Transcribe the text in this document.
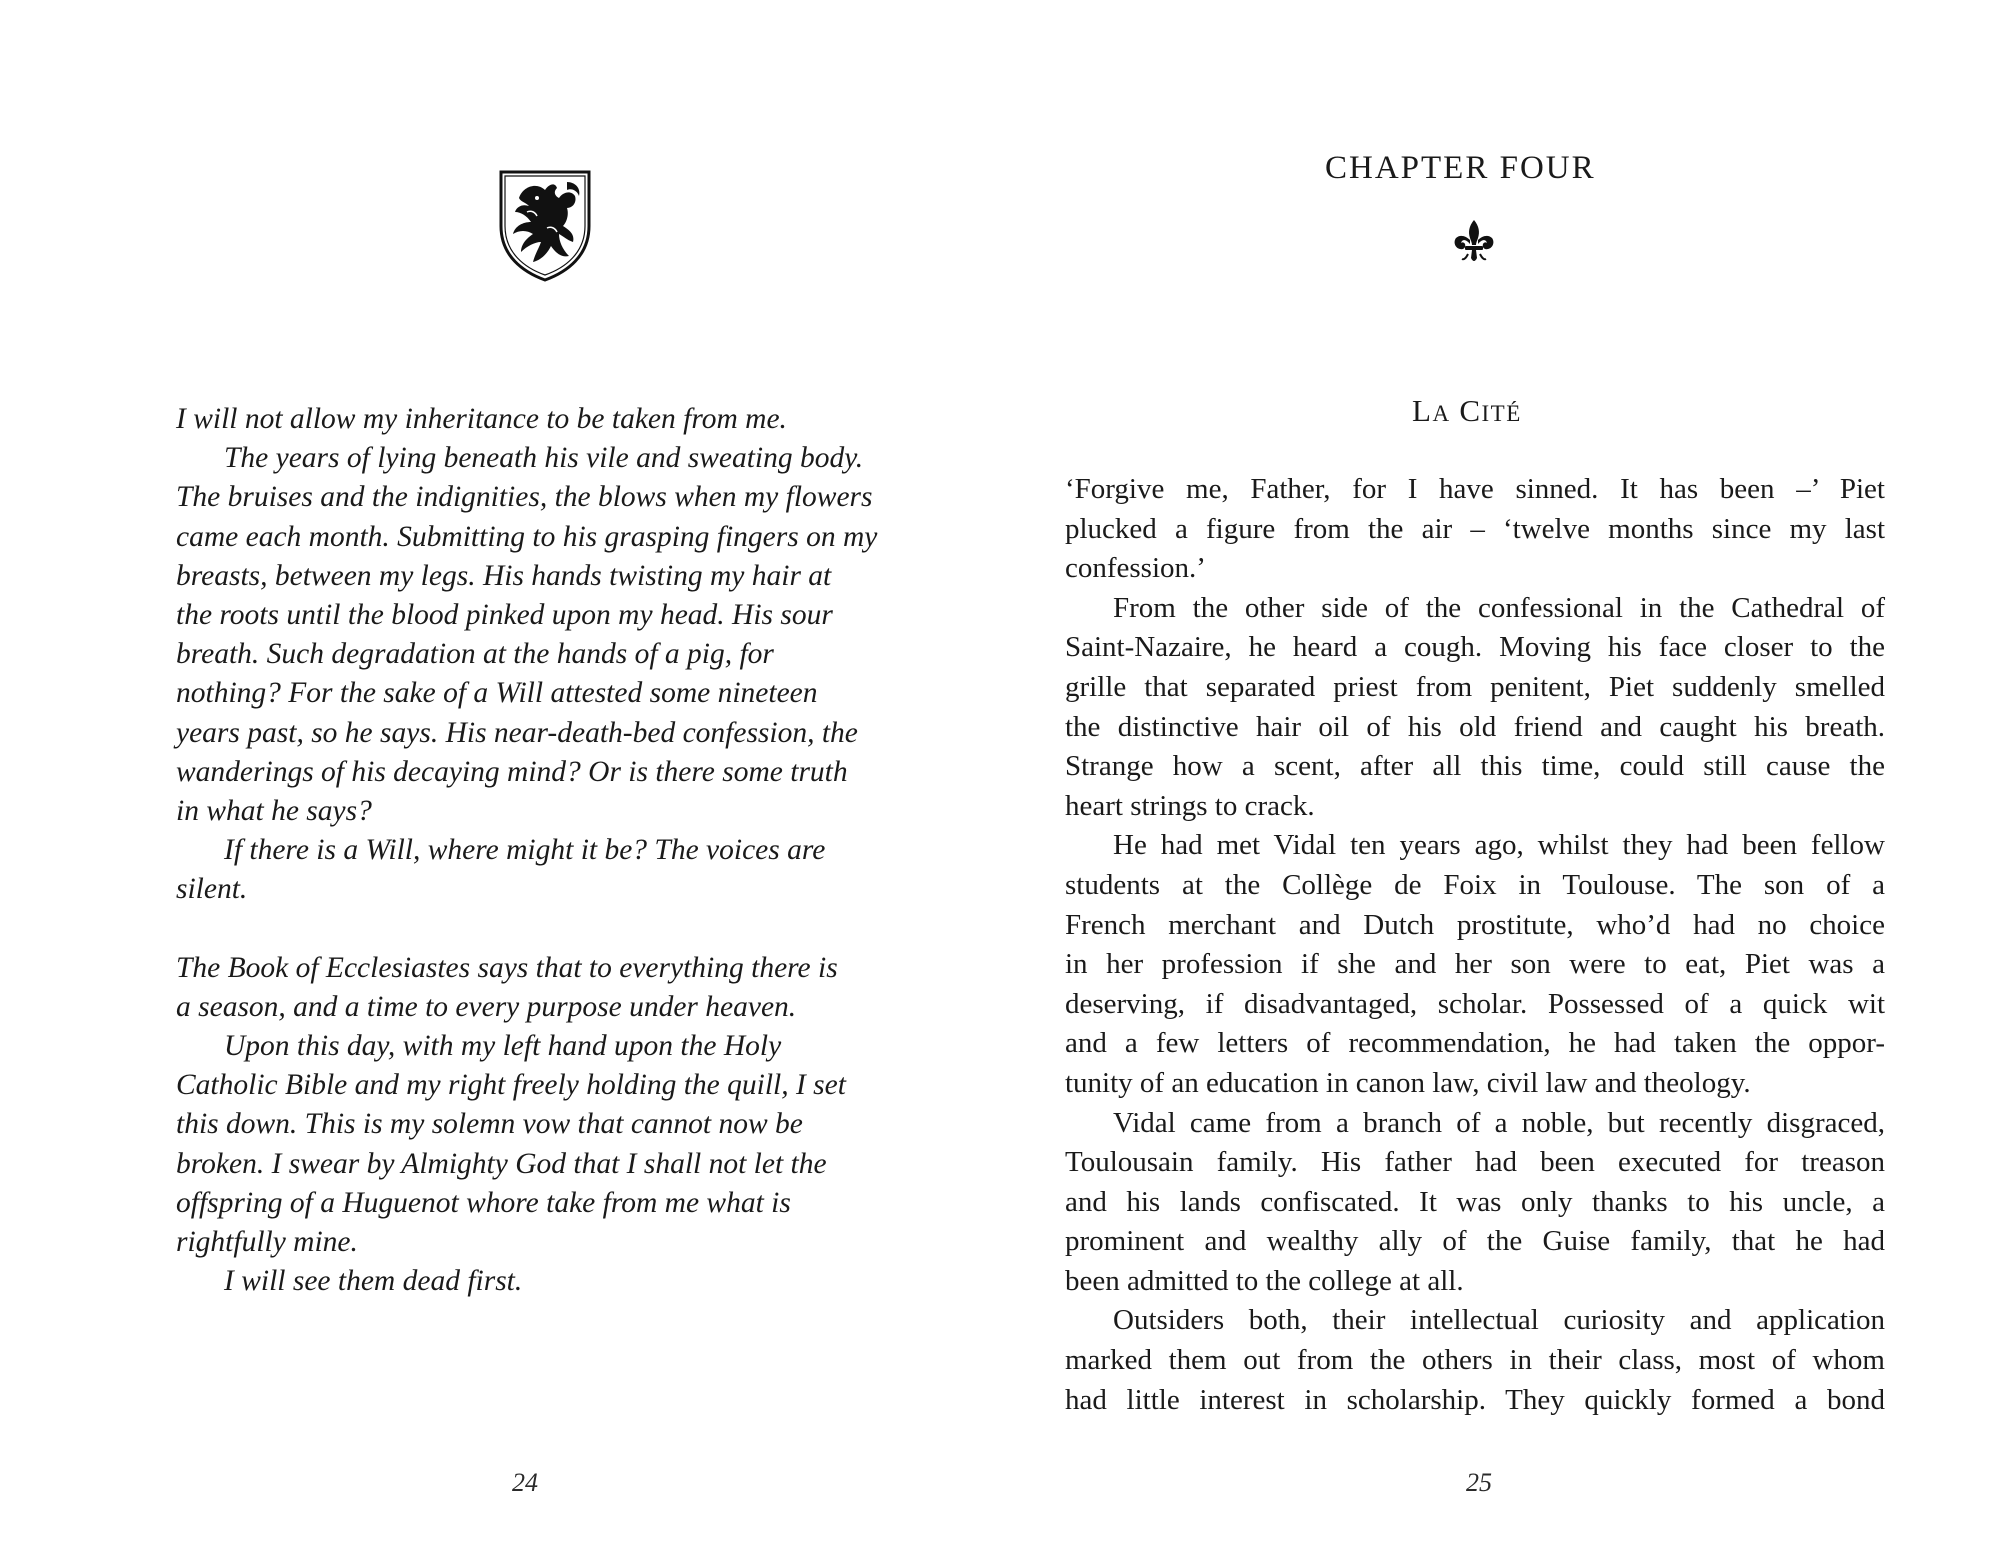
I will not allow my inheritance to be taken from me.
The years of lying beneath his vile and sweating body.
The bruises and the indignities, the blows when my flowers
came each month. Submitting to his grasping fingers on my
breasts, between my legs. His hands twisting my hair at
the roots until the blood pinked upon my head. His sour
breath. Such degradation at the hands of a pig, for
nothing? For the sake of a Will attested some nineteen
years past, so he says. His near-death-bed confession, the
wanderings of his decaying mind? Or is there some truth
in what he says?
If there is a Will, where might it be? The voices are
silent.
The Book of Ecclesiastes says that to everything there is
a season, and a time to every purpose under heaven.
Upon this day, with my left hand upon the Holy
Catholic Bible and my right freely holding the quill, I set
this down. This is my solemn vow that cannot now be
broken. I swear by Almighty God that I shall not let the
offspring of a Huguenot whore take from me what is
rightfully mine.
I will see them dead first.
24
CHAPTER FOUR
LA CITÉ
‘Forgive me, Father, for I have sinned. It has been –’ Piet
plucked a figure from the air – ‘twelve months since my last
confession.’
From the other side of the confessional in the Cathedral of
Saint-Nazaire, he heard a cough. Moving his face closer to the
grille that separated priest from penitent, Piet suddenly smelled
the distinctive hair oil of his old friend and caught his breath.
Strange how a scent, after all this time, could still cause the
heart strings to crack.
He had met Vidal ten years ago, whilst they had been fellow
students at the Collège de Foix in Toulouse. The son of a
French merchant and Dutch prostitute, who’d had no choice
in her profession if she and her son were to eat, Piet was a
deserving, if disadvantaged, scholar. Possessed of a quick wit
and a few letters of recommendation, he had taken the oppor-
tunity of an education in canon law, civil law and theology.
Vidal came from a branch of a noble, but recently disgraced,
Toulousain family. His father had been executed for treason
and his lands confiscated. It was only thanks to his uncle, a
prominent and wealthy ally of the Guise family, that he had
been admitted to the college at all.
Outsiders both, their intellectual curiosity and application
marked them out from the others in their class, most of whom
had little interest in scholarship. They quickly formed a bond
25
